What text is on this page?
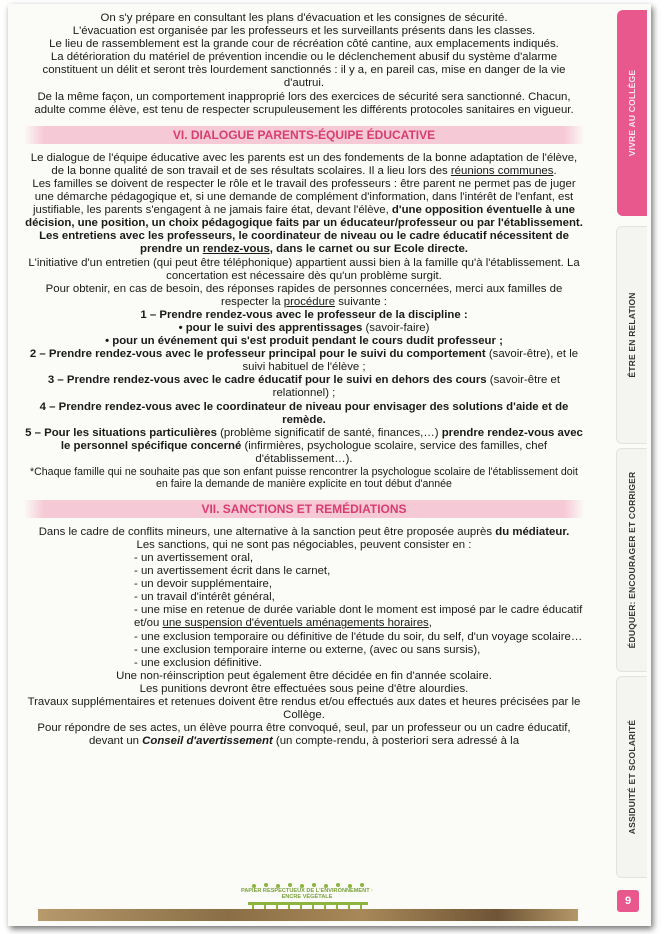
On s'y prépare en consultant les plans d'évacuation et les consignes de sécurité.

L'évacuation est organisée par les professeurs et les surveillants présents dans les classes.

Le lieu de rassemblement est la grande cour de récréation côté cantine, aux emplacements indiqués.

La détérioration du matériel de prévention incendie ou le déclenchement abusif du système d'alarme constituent un délit et seront très lourdement sanctionnés : il y a, en pareil cas, mise en danger de la vie d'autrui.

De la même façon, un comportement inapproprié lors des exercices de sécurité sera sanctionné. Chacun, adulte comme élève, est tenu de respecter scrupuleusement les différents protocoles sanitaires en vigueur.

VI. DIALOGUE PARENTS-ÉQUIPE ÉDUCATIVE

Le dialogue de l'équipe éducative avec les parents est un des fondements de la bonne adaptation de l'élève, de la bonne qualité de son travail et de ses résultats scolaires. Il a lieu lors des réunions communes.

Les familles se doivent de respecter le rôle et le travail des professeurs : être parent ne permet pas de juger une démarche pédagogique et, si une demande de complément d'information, dans l'intérêt de l'enfant, est justifiable, les parents s'engagent à ne jamais faire état, devant l'élève, d'une opposition éventuelle à une décision, une position, un choix pédagogique faits par un éducateur/professeur ou par l'établissement.

Les entretiens avec les professeurs, le coordinateur de niveau ou le cadre éducatif nécessitent de prendre un rendez-vous, dans le carnet ou sur Ecole directe.

L'initiative d'un entretien (qui peut être téléphonique) appartient aussi bien à la famille qu'à l'établissement. La concertation est nécessaire dès qu'un problème surgit.

Pour obtenir, en cas de besoin, des réponses rapides de personnes concernées, merci aux familles de respecter la procédure suivante :

1 – Prendre rendez-vous avec le professeur de la discipline :

• pour le suivi des apprentissages (savoir-faire)

• pour un événement qui s'est produit pendant le cours dudit professeur ;

2 – Prendre rendez-vous avec le professeur principal pour le suivi du comportement (savoir-être), et le suivi habituel de l'élève ;

3 – Prendre rendez-vous avec le cadre éducatif pour le suivi en dehors des cours (savoir-être et relationnel) ;

4 – Prendre rendez-vous avec le coordinateur de niveau pour envisager des solutions d'aide et de remède.

5 – Pour les situations particulières (problème significatif de santé, finances,…) prendre rendez-vous avec le personnel spécifique concerné (infirmières, psychologue scolaire, service des familles, chef d'établissement…).

*Chaque famille qui ne souhaite pas que son enfant puisse rencontrer la psychologue scolaire de l'établissement doit en faire la demande de manière explicite en tout début d'année

VII. SANCTIONS ET REMÉDIATIONS

Dans le cadre de conflits mineurs, une alternative à la sanction peut être proposée auprès du médiateur.

Les sanctions, qui ne sont pas négociables, peuvent consister en :

- un avertissement oral,
- un avertissement écrit dans le carnet,
- un devoir supplémentaire,
- un travail d'intérêt général,
- une mise en retenue de durée variable dont le moment est imposé par le cadre éducatif et/ou une suspension d'éventuels aménagements horaires,
- une exclusion temporaire ou définitive de l'étude du soir, du self, d'un voyage scolaire…
- une exclusion temporaire interne ou externe, (avec ou sans sursis),
- une exclusion définitive.

Une non-réinscription peut également être décidée en fin d'année scolaire.

Les punitions devront être effectuées sous peine d'être alourdies.

Travaux supplémentaires et retenues doivent être rendus et/ou effectués aux dates et heures précisées par le Collège.

Pour répondre de ses actes, un élève pourra être convoqué, seul, par un professeur ou un cadre éducatif, devant un Conseil d'avertissement (un compte-rendu, à posteriori sera adressé à la

VIVRE AU COLLÈGE
ÊTRE EN RELATION
ÉDUQUER: ENCOURAGER ET CORRIGER
ASSIDUITÉ ET SCOLARITÉ
9
PAPIER RESPECTUEUX DE L'ENVIRONNEMENT · ENCRE VÉGÉTALE
